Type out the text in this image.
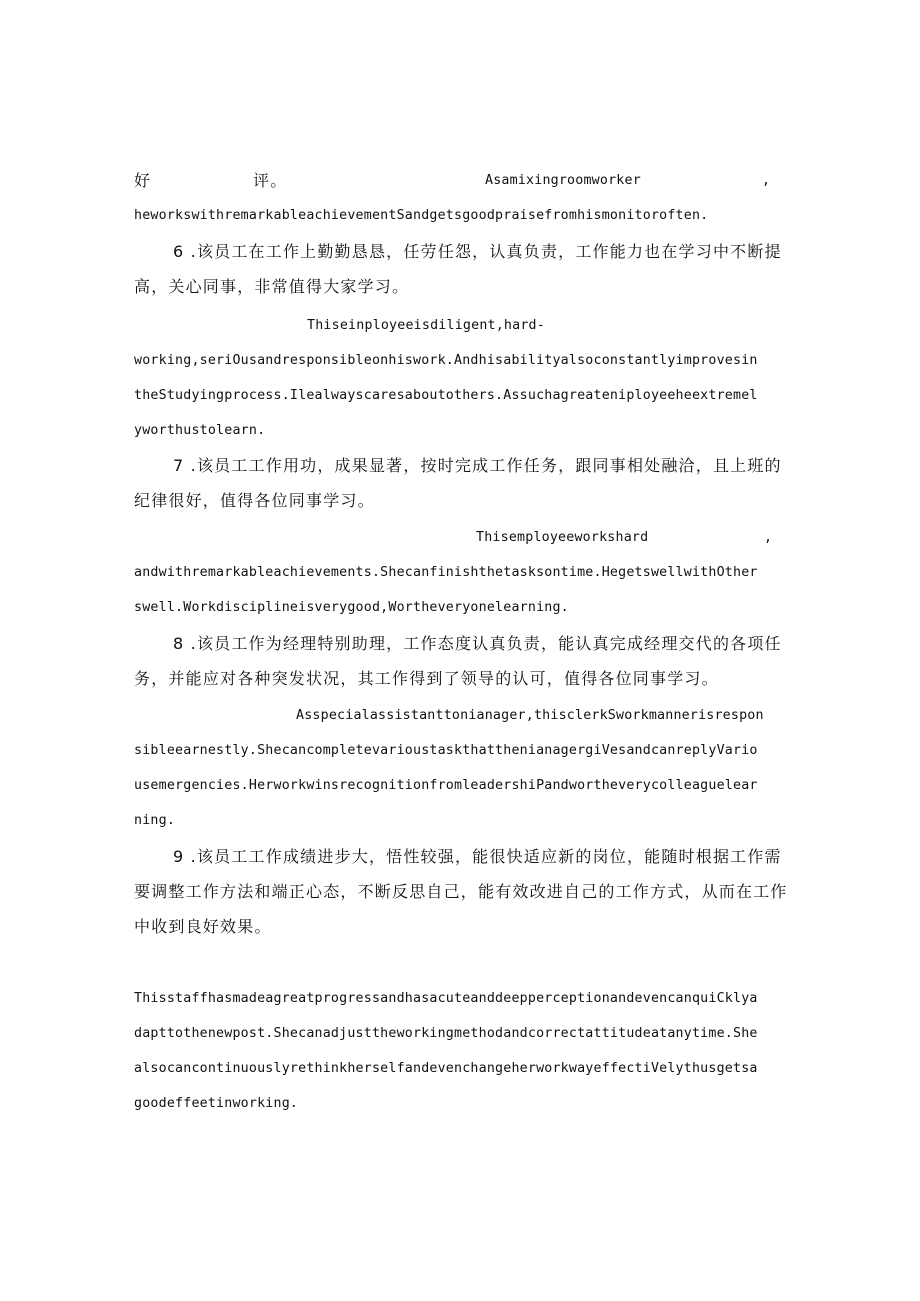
好	评。	Asamixingroomworker	,
heworkswithremarkableachievementSandgetsgoodpraisefromhismonitoroften.
6 .该员工在工作上勤勤恳恳，任劳任怨，认真负责，工作能力也在学习中不断提
高，关心同事，非常值得大家学习。
Thiseinployeeisdiligent,hard-
working,seriOusandresponsibleonhiswork.Andhisabilityalsoconstantlyimprovesin
theStudyingprocess.Ilealwayscaresaboutothers.Assuchagreateniployeeheextremel
yworthustolearn.
7 .该员工工作用功，成果显著，按时完成工作任务，跟同事相处融洽，且上班的
纪律很好，值得各位同事学习。
Thisemployeeworkshard	,
andwithremarkableachievements.Shecanfinishthetasksontime.HegetswellwithOther
swell.Workdisciplineisverygood,Wortheveryonelearning.
8 .该员工作为经理特别助理，工作态度认真负责，能认真完成经理交代的各项任
务，并能应对各种突发状况，其工作得到了领导的认可，值得各位同事学习。
Asspecialassistanttonianager,thisclerkSworkmannerisrespon
sibleearnestly.ShecancompletevarioustaskthatthenianagergiVesandcanreplyVario
usemergencies.HerworkwinsrecognitionfromleadershiPandwortheverycolleaguelear
ning.
9 .该员工工作成绩进步大，悟性较强，能很快适应新的岗位，能随时根据工作需
要调整工作方法和端正心态，不断反思自己，能有效改进自己的工作方式，从而在工作
中收到良好效果。
ThisstaffhasmadeagreatprogressandhasacuteanddeepperceptionandevencanquiCklya
dapttothenewpost.Shecanadjusttheworkingmethodandcorrectattitudeatanytime.She
alsocancontinuouslyrethinkherselfandevenchangeherworkwayeffectiVelythusgetsa
goodeffeetinworking.
